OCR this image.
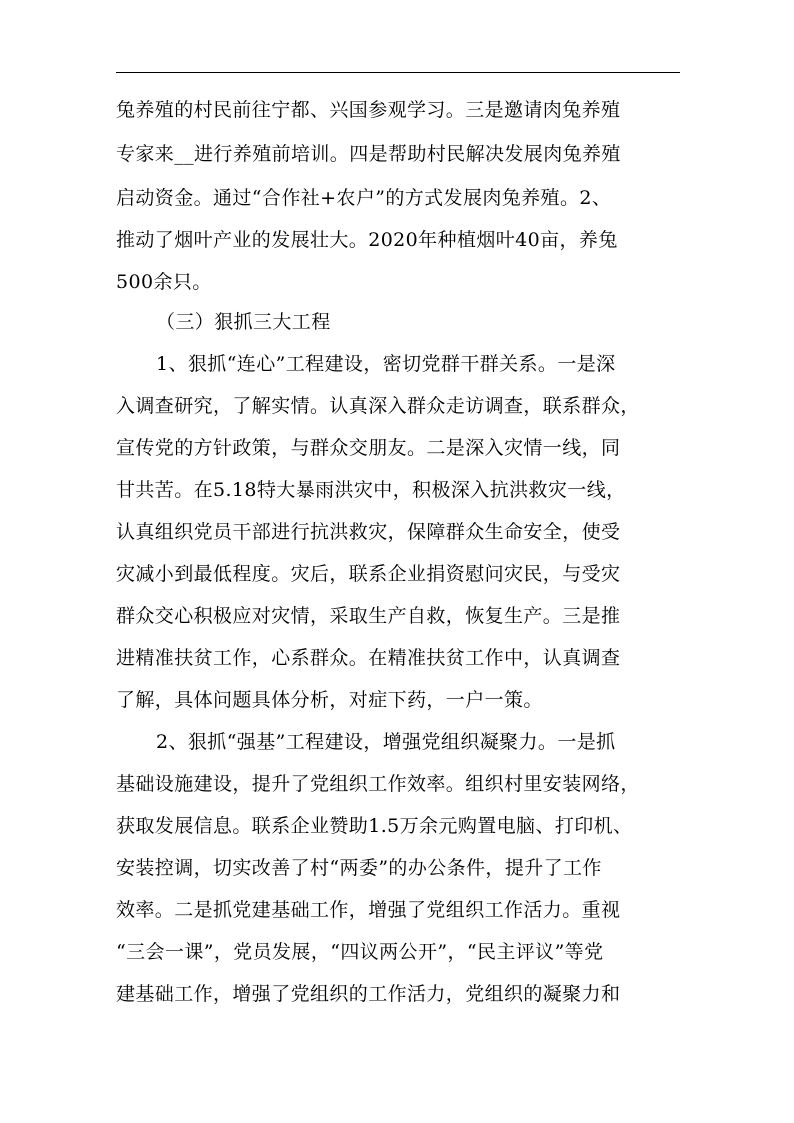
兔养殖的村民前往宁都、兴国参观学习。三是邀请肉兔养殖
专家来__进行养殖前培训。四是帮助村民解决发展肉兔养殖
启动资金。通过“合作社+农户”的方式发展肉兔养殖。2、
推动了烟叶产业的发展壮大。2020年种植烟叶40亩，养兔
500余只。
（三）狠抓三大工程
1、狠抓“连心”工程建设，密切党群干群关系。一是深
入调查研究，了解实情。认真深入群众走访调查，联系群众，
宣传党的方针政策，与群众交朋友。二是深入灾情一线，同
甘共苦。在5.18特大暴雨洪灾中，积极深入抗洪救灾一线，
认真组织党员干部进行抗洪救灾，保障群众生命安全，使受
灾减小到最低程度。灾后，联系企业捐资慰问灾民，与受灾
群众交心积极应对灾情，采取生产自救，恢复生产。三是推
进精准扶贫工作，心系群众。在精准扶贫工作中，认真调查
了解，具体问题具体分析，对症下药，一户一策。
2、狠抓“强基”工程建设，增强党组织凝聚力。一是抓
基础设施建设，提升了党组织工作效率。组织村里安装网络，
获取发展信息。联系企业赞助1.5万余元购置电脑、打印机、
安装控调，切实改善了村“两委”的办公条件，提升了工作
效率。二是抓党建基础工作，增强了党组织工作活力。重视
“三会一课”，党员发展，“四议两公开”，“民主评议”等党
建基础工作，增强了党组织的工作活力，党组织的凝聚力和
